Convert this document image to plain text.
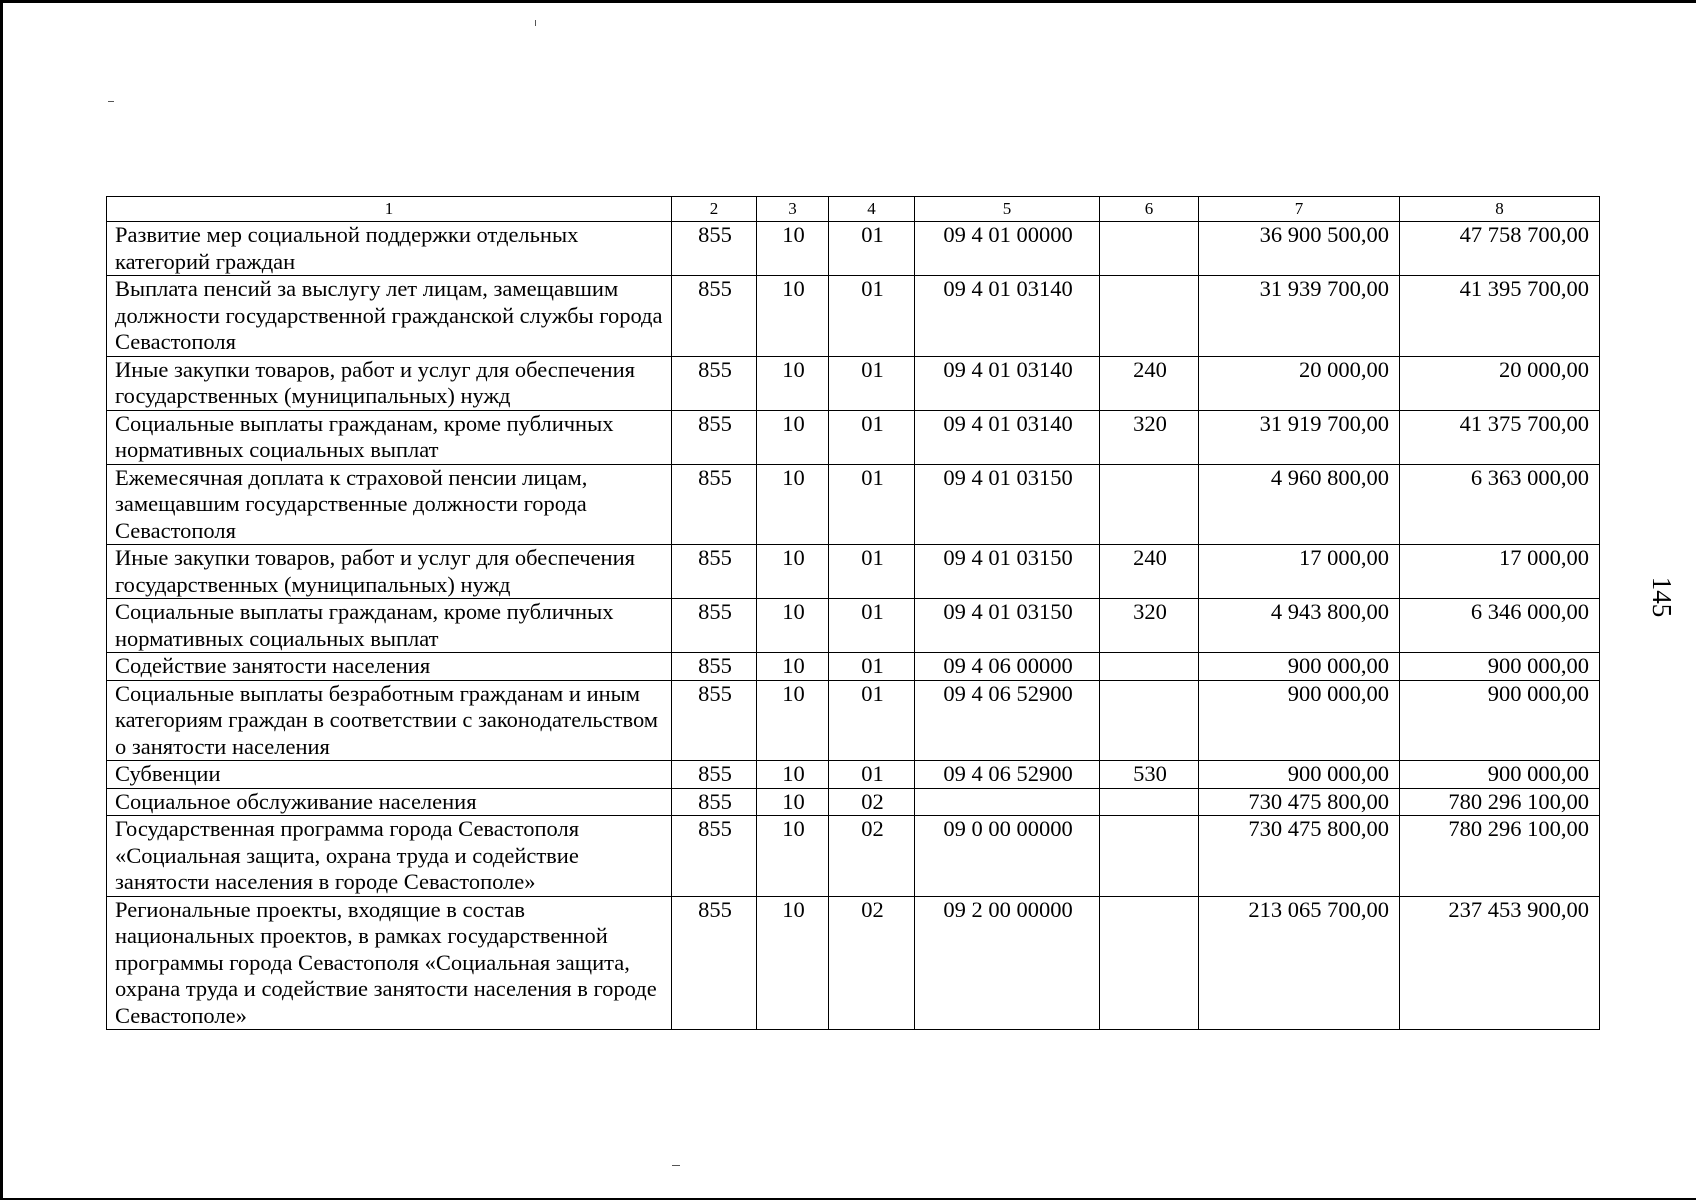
145
1	2	3	4	5	6	7	8
Развитие мер социальной поддержки отдельных категорий граждан	855	10	01	09 4 01 00000		36 900 500,00	47 758 700,00
Выплата пенсий за выслугу лет лицам, замещавшим должности государственной гражданской службы города Севастополя	855	10	01	09 4 01 03140		31 939 700,00	41 395 700,00
Иные закупки товаров, работ и услуг для обеспечения государственных (муниципальных) нужд	855	10	01	09 4 01 03140	240	20 000,00	20 000,00
Социальные выплаты гражданам, кроме публичных нормативных социальных выплат	855	10	01	09 4 01 03140	320	31 919 700,00	41 375 700,00
Ежемесячная доплата к страховой пенсии лицам, замещавшим государственные должности города Севастополя	855	10	01	09 4 01 03150		4 960 800,00	6 363 000,00
Иные закупки товаров, работ и услуг для обеспечения государственных (муниципальных) нужд	855	10	01	09 4 01 03150	240	17 000,00	17 000,00
Социальные выплаты гражданам, кроме публичных нормативных социальных выплат	855	10	01	09 4 01 03150	320	4 943 800,00	6 346 000,00
Содействие занятости населения	855	10	01	09 4 06 00000		900 000,00	900 000,00
Социальные выплаты безработным гражданам и иным категориям граждан в соответствии с законодательством о занятости населения	855	10	01	09 4 06 52900		900 000,00	900 000,00
Субвенции	855	10	01	09 4 06 52900	530	900 000,00	900 000,00
Социальное обслуживание населения	855	10	02			730 475 800,00	780 296 100,00
Государственная программа города Севастополя «Социальная защита, охрана труда и содействие занятости населения в городе Севастополе»	855	10	02	09 0 00 00000		730 475 800,00	780 296 100,00
Региональные проекты, входящие в состав национальных проектов, в рамках государственной программы города Севастополя «Социальная защита, охрана труда и содействие занятости населения в городе Севастополе»	855	10	02	09 2 00 00000		213 065 700,00	237 453 900,00
